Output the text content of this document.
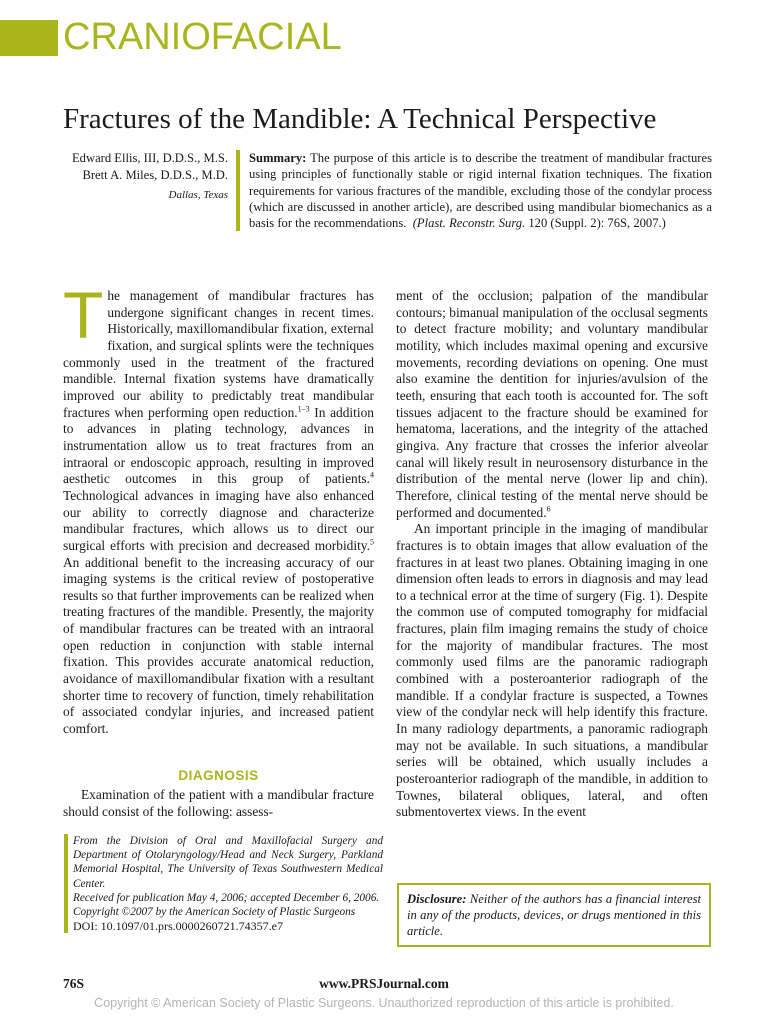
CRANIOFACIAL
Fractures of the Mandible: A Technical Perspective
Edward Ellis, III, D.D.S., M.S.
Brett A. Miles, D.D.S., M.D.
Dallas, Texas
Summary: The purpose of this article is to describe the treatment of mandibular fractures using principles of functionally stable or rigid internal fixation techniques. The fixation requirements for various fractures of the mandible, excluding those of the condylar process (which are discussed in another article), are described using mandibular biomechanics as a basis for the recommendations. (Plast. Reconstr. Surg. 120 (Suppl. 2): 76S, 2007.)

The management of mandibular fractures has undergone significant changes in recent times. Historically, maxillomandibular fixation, external fixation, and surgical splints were the techniques commonly used in the treatment of the fractured mandible. Internal fixation systems have dramatically improved our ability to predictably treat mandibular fractures when performing open reduction.$^{1-3}$ In addition to advances in plating technology, advances in instrumentation allow us to treat fractures from an intraoral or endoscopic approach, resulting in improved aesthetic outcomes in this group of patients.$^4$ Technological advances in imaging have also enhanced our ability to correctly diagnose and characterize mandibular fractures, which allows us to direct our surgical efforts with precision and decreased morbidity.$^5$ An additional benefit to the increasing accuracy of our imaging systems is the critical review of postoperative results so that further improvements can be realized when treating fractures of the mandible. Presently, the majority of mandibular fractures can be treated with an intraoral open reduction in conjunction with stable internal fixation. This provides accurate anatomical reduction, avoidance of maxillomandibular fixation with a resultant shorter time to recovery of function, timely rehabilitation of associated condylar injuries, and increased patient comfort.

DIAGNOSIS

Examination of the patient with a mandibular fracture should consist of the following: assess-

From the Division of Oral and Maxillofacial Surgery and Department of Otolaryngology/Head and Neck Surgery, Parkland Memorial Hospital, The University of Texas Southwestern Medical Center.
Received for publication May 4, 2006; accepted December 6, 2006.
Copyright ©2007 by the American Society of Plastic Surgeons
DOI: 10.1097/01.prs.0000260721.74357.e7

ment of the occlusion; palpation of the mandibular contours; bimanual manipulation of the occlusal segments to detect fracture mobility; and voluntary mandibular motility, which includes maximal opening and excursive movements, recording deviations on opening. One must also examine the dentition for injuries/avulsion of the teeth, ensuring that each tooth is accounted for. The soft tissues adjacent to the fracture should be examined for hematoma, lacerations, and the integrity of the attached gingiva. Any fracture that crosses the inferior alveolar canal will likely result in neurosensory disturbance in the distribution of the mental nerve (lower lip and chin). Therefore, clinical testing of the mental nerve should be performed and documented.$^6$

An important principle in the imaging of mandibular fractures is to obtain images that allow evaluation of the fractures in at least two planes. Obtaining imaging in one dimension often leads to errors in diagnosis and may lead to a technical error at the time of surgery (Fig. 1). Despite the common use of computed tomography for midfacial fractures, plain film imaging remains the study of choice for the majority of mandibular fractures. The most commonly used films are the panoramic radiograph combined with a posteroanterior radiograph of the mandible. If a condylar fracture is suspected, a Townes view of the condylar neck will help identify this fracture. In many radiology departments, a panoramic radiograph may not be available. In such situations, a mandibular series will be obtained, which usually includes a posteroanterior radiograph of the mandible, in addition to Townes, bilateral obliques, lateral, and often submentovertex views. In the event

Disclosure: Neither of the authors has a financial interest in any of the products, devices, or drugs mentioned in this article.
76S	www.PRSJournal.com
Copyright © American Society of Plastic Surgeons. Unauthorized reproduction of this article is prohibited.
